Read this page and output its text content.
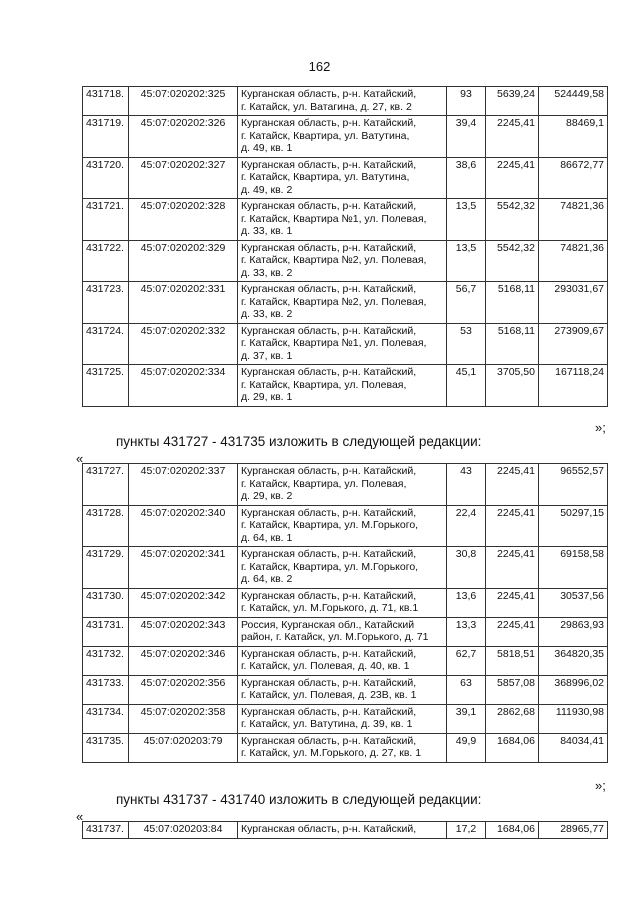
162
431718.	45:07:020202:325	Курганская область, р-н. Катайский,
г. Катайск, ул. Ватагина, д. 27, кв. 2	93	5639,24	524449,58
431719.	45:07:020202:326	Курганская область, р-н. Катайский,
г. Катайск, Квартира, ул. Ватутина,
д. 49, кв. 1	39,4	2245,41	88469,1
431720.	45:07:020202:327	Курганская область, р-н. Катайский,
г. Катайск, Квартира, ул. Ватутина,
д. 49, кв. 2	38,6	2245,41	86672,77
431721.	45:07:020202:328	Курганская область, р-н. Катайский,
г. Катайск, Квартира №1, ул. Полевая,
д. 33, кв. 1	13,5	5542,32	74821,36
431722.	45:07:020202:329	Курганская область, р-н. Катайский,
г. Катайск, Квартира №2, ул. Полевая,
д. 33, кв. 2	13,5	5542,32	74821,36
431723.	45:07:020202:331	Курганская область, р-н. Катайский,
г. Катайск, Квартира №2, ул. Полевая,
д. 33, кв. 2	56,7	5168,11	293031,67
431724.	45:07:020202:332	Курганская область, р-н. Катайский,
г. Катайск, Квартира №1, ул. Полевая,
д. 37, кв. 1	53	5168,11	273909,67
431725.	45:07:020202:334	Курганская область, р-н. Катайский,
г. Катайск, Квартира, ул. Полевая,
д. 29, кв. 1	45,1	3705,50	167118,24
»;
пункты 431727 - 431735 изложить в следующей редакции:
«
431727.	45:07:020202:337	Курганская область, р-н. Катайский,
г. Катайск, Квартира, ул. Полевая,
д. 29, кв. 2	43	2245,41	96552,57
431728.	45:07:020202:340	Курганская область, р-н. Катайский,
г. Катайск, Квартира, ул. М.Горького,
д. 64, кв. 1	22,4	2245,41	50297,15
431729.	45:07:020202:341	Курганская область, р-н. Катайский,
г. Катайск, Квартира, ул. М.Горького,
д. 64, кв. 2	30,8	2245,41	69158,58
431730.	45:07:020202:342	Курганская область, р-н. Катайский,
г. Катайск, ул. М.Горького, д. 71, кв.1	13,6	2245,41	30537,56
431731.	45:07:020202:343	Россия, Курганская обл., Катайский
район, г. Катайск, ул. М.Горького, д. 71	13,3	2245,41	29863,93
431732.	45:07:020202:346	Курганская область, р-н. Катайский,
г. Катайск, ул. Полевая, д. 40, кв. 1	62,7	5818,51	364820,35
431733.	45:07:020202:356	Курганская область, р-н. Катайский,
г. Катайск, ул. Полевая, д. 23В, кв. 1	63	5857,08	368996,02
431734.	45:07:020202:358	Курганская область, р-н. Катайский,
г. Катайск, ул. Ватутина, д. 39, кв. 1	39,1	2862,68	111930,98
431735.	45:07:020203:79	Курганская область, р-н. Катайский,
г. Катайск, ул. М.Горького, д. 27, кв. 1	49,9	1684,06	84034,41
»;
пункты 431737 - 431740 изложить в следующей редакции:
«
431737.	45:07:020203:84	Курганская область, р-н. Катайский,	17,2	1684,06	28965,77
